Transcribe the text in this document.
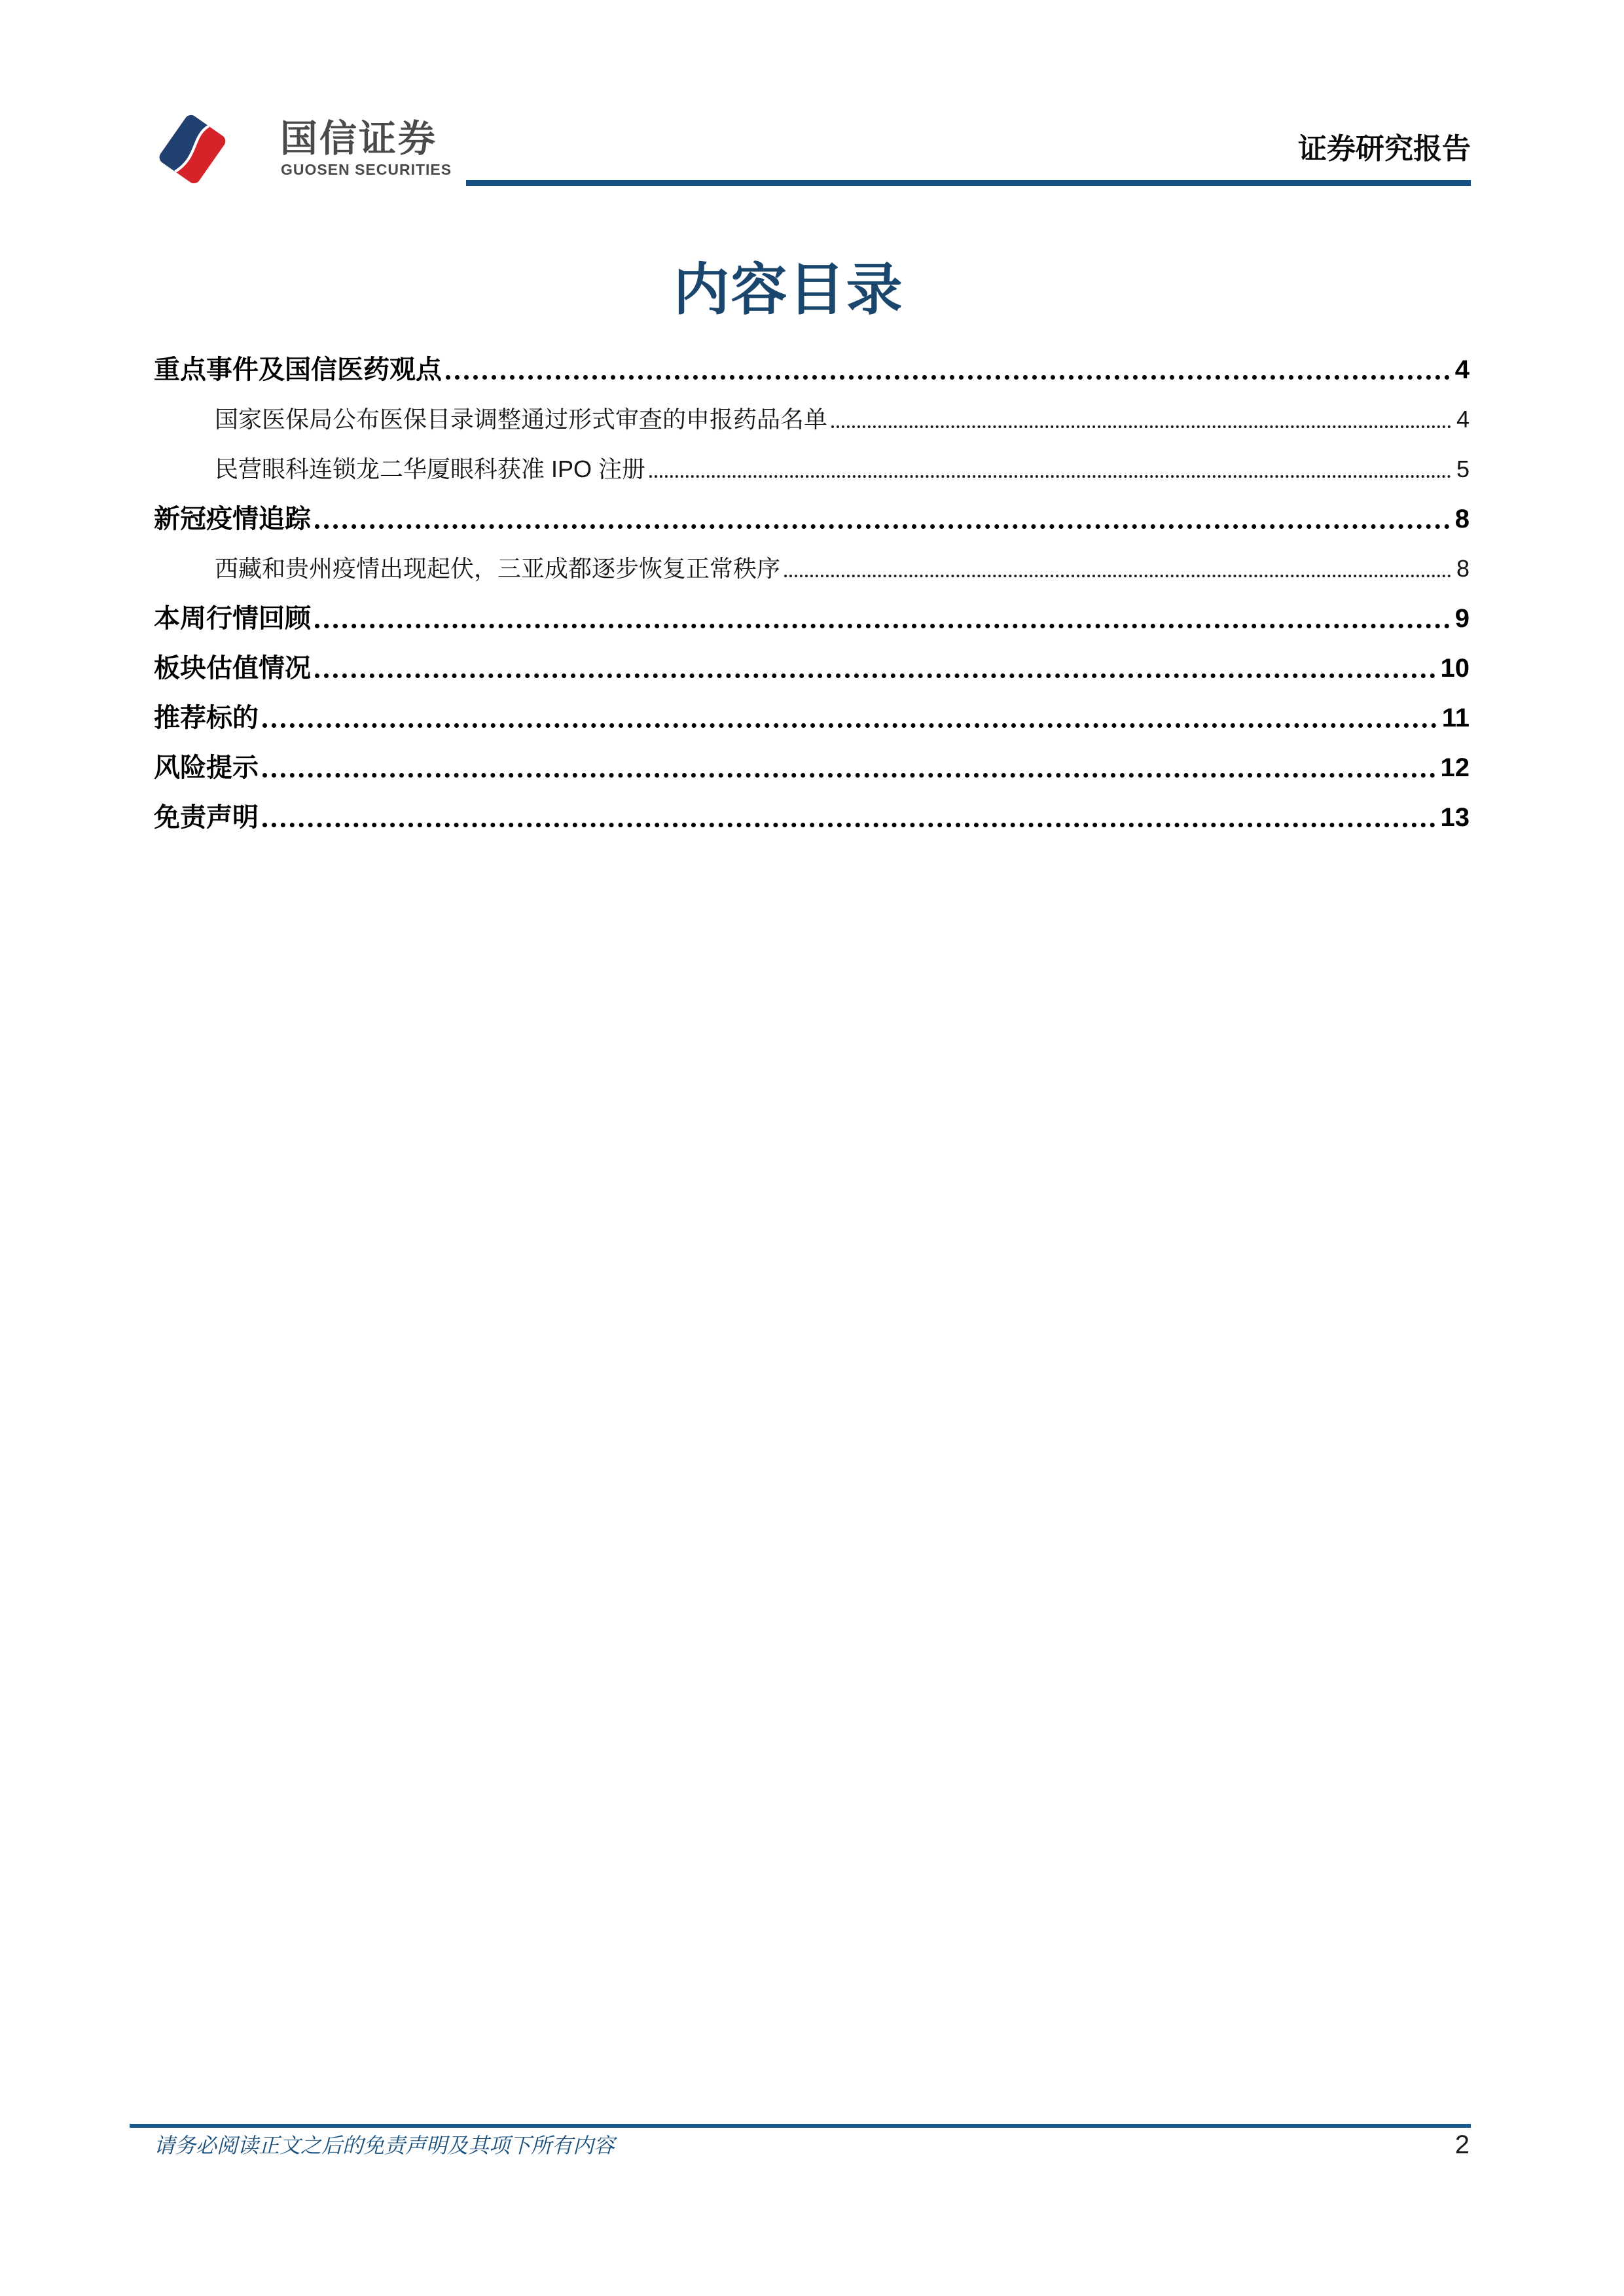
国信证券
GUOSEN SECURITIES
证券研究报告
内容目录
重点事件及国信医药观点	4
国家医保局公布医保目录调整通过形式审查的申报药品名单	4
民营眼科连锁龙二华厦眼科获准 IPO 注册	5
新冠疫情追踪	8
西藏和贵州疫情出现起伏，三亚成都逐步恢复正常秩序	8
本周行情回顾	9
板块估值情况	10
推荐标的	11
风险提示	12
免责声明	13
请务必阅读正文之后的免责声明及其项下所有内容	2
